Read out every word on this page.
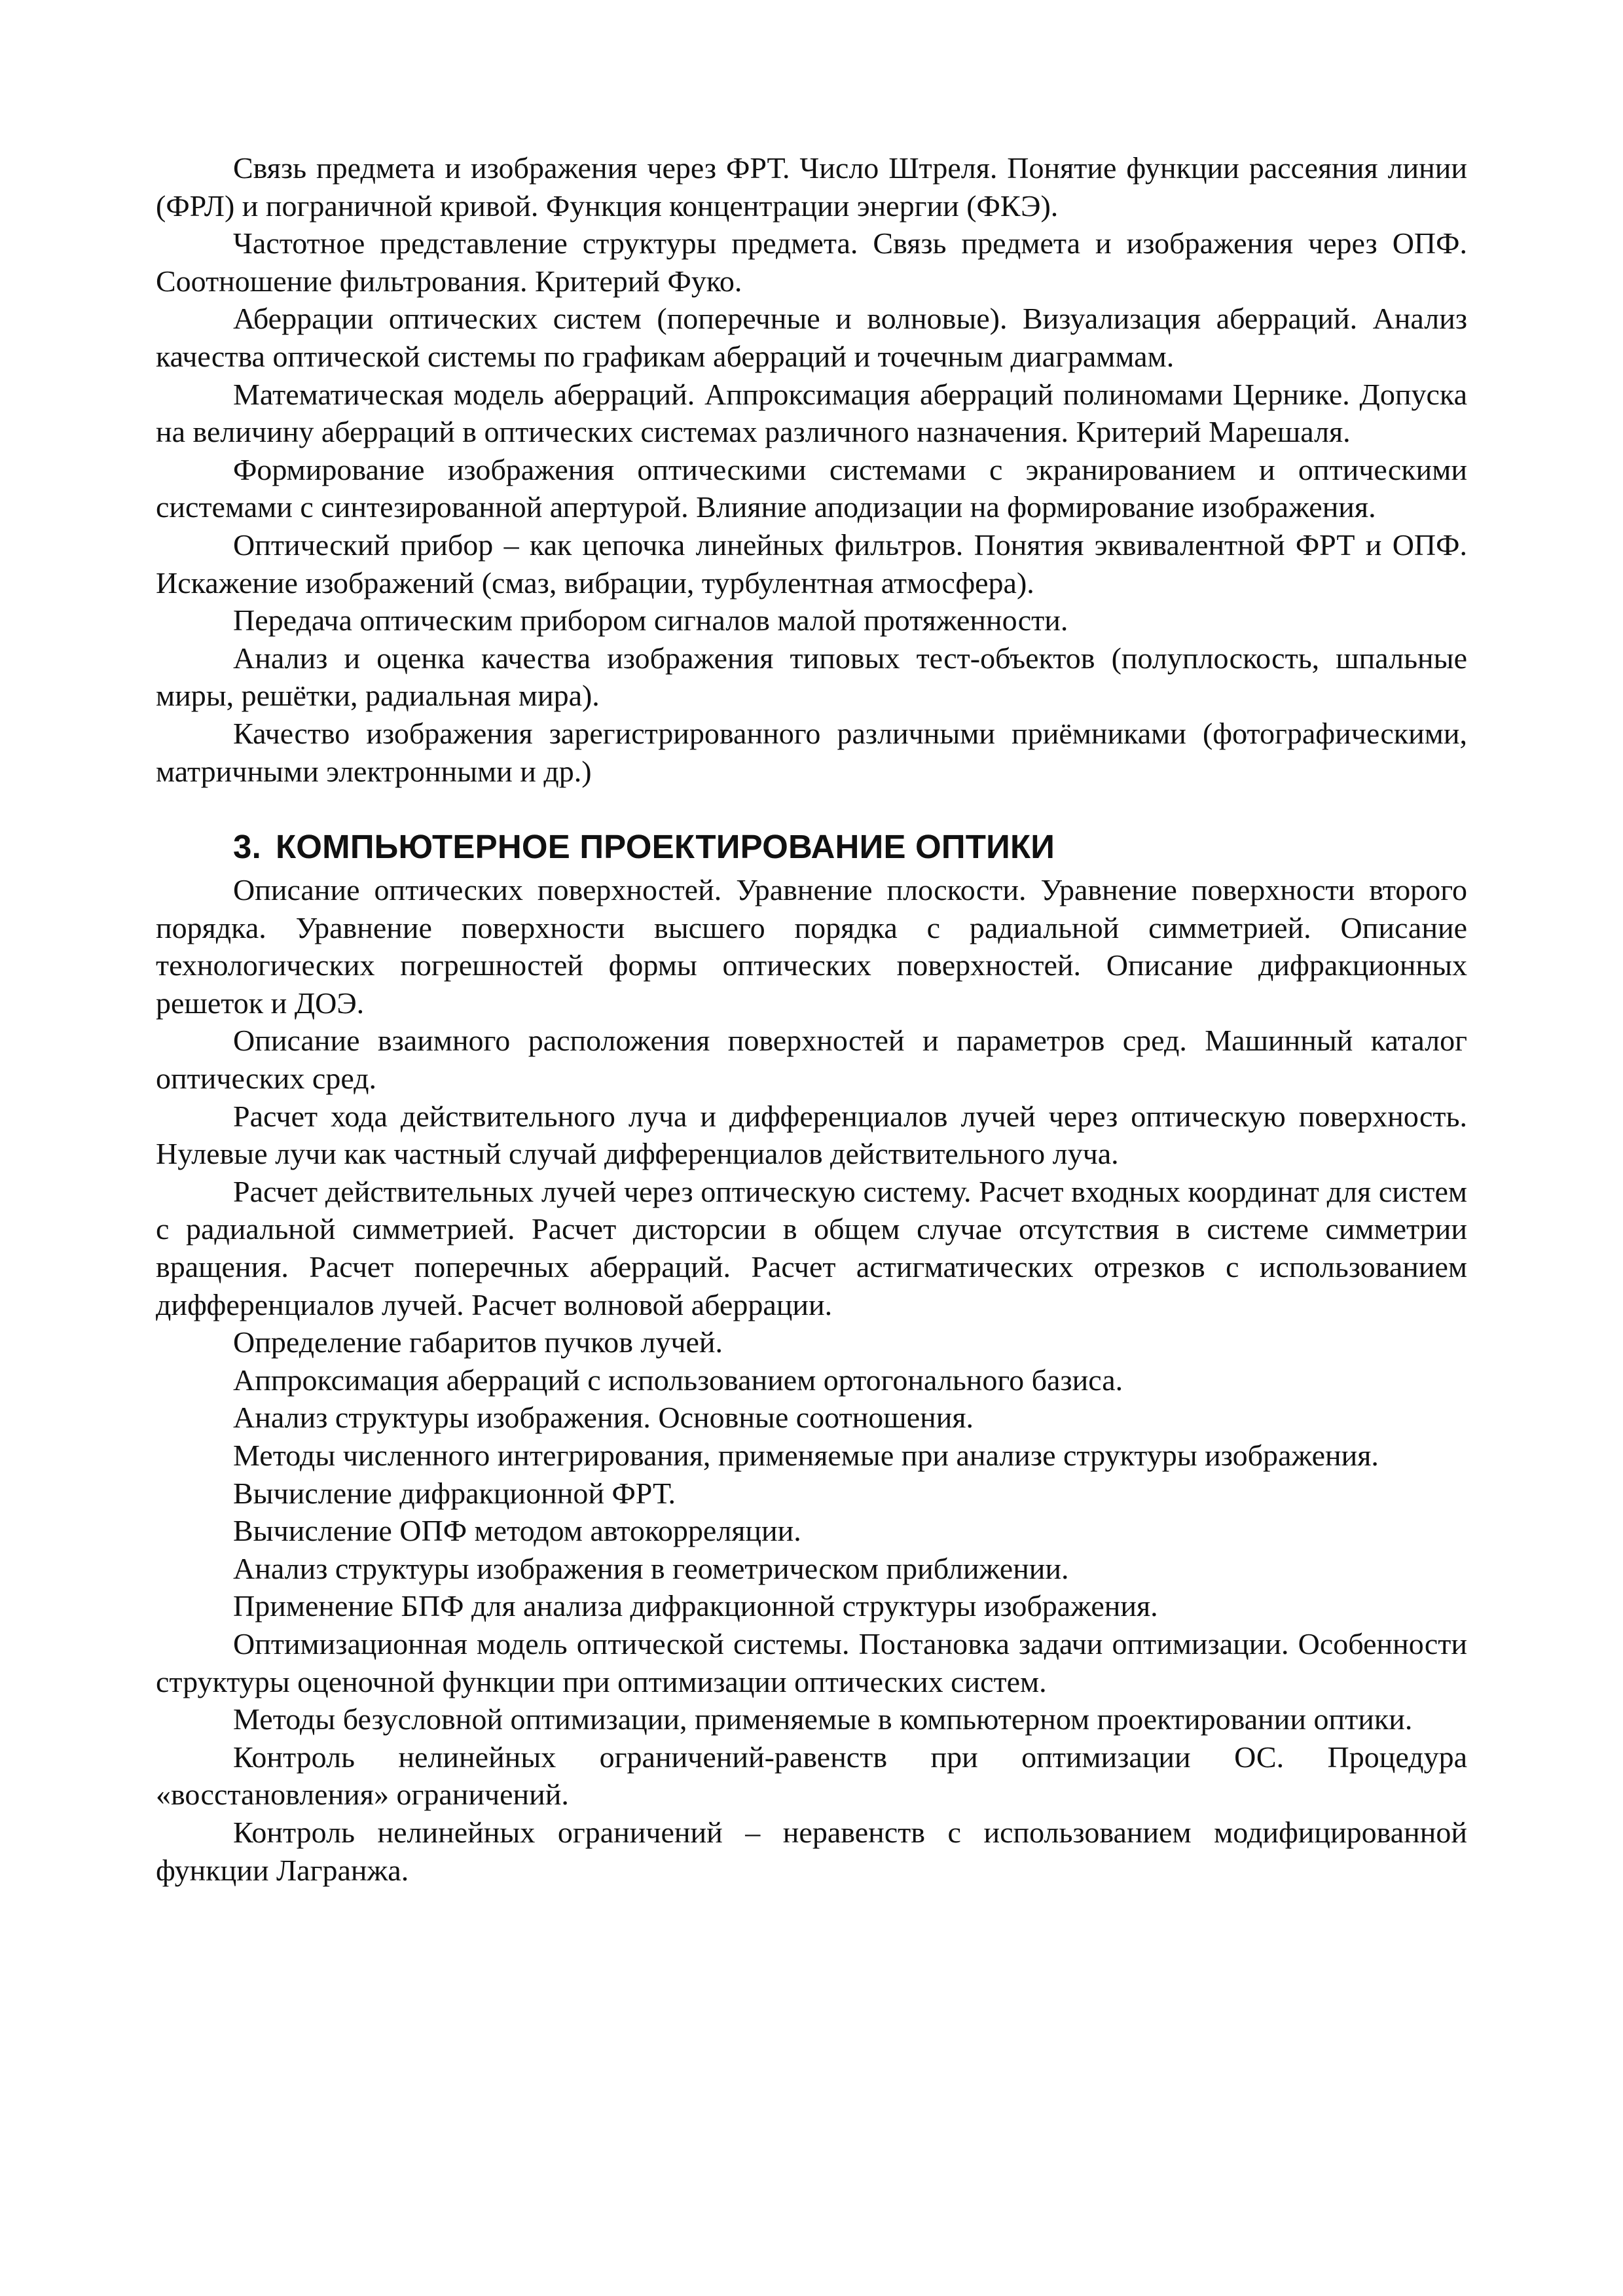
Связь предмета и изображения через ФРТ. Число Штреля. Понятие функции рассеяния линии (ФРЛ) и пограничной кривой. Функция концентрации энергии (ФКЭ).

Частотное представление структуры предмета. Связь предмета и изображения через ОПФ. Соотношение фильтрования. Критерий Фуко.

Аберрации оптических систем (поперечные и волновые). Визуализация аберраций. Анализ качества оптической системы по графикам аберраций и точечным диаграммам.

Математическая модель аберраций. Аппроксимация аберраций полиномами Цернике. Допуска на величину аберраций в оптических системах различного назначения. Критерий Марешаля.

Формирование изображения оптическими системами с экранированием и оптическими системами с синтезированной апертурой. Влияние аподизации на формирование изображения.

Оптический прибор – как цепочка линейных фильтров. Понятия эквивалентной ФРТ и ОПФ. Искажение изображений (смаз, вибрации, турбулентная атмосфера).

Передача оптическим прибором сигналов малой протяженности.

Анализ и оценка качества изображения типовых тест-объектов (полуплоскость, шпальные миры, решётки, радиальная мира).

Качество изображения зарегистрированного различными приёмниками (фотографическими, матричными электронными и др.)

3. КОМПЬЮТЕРНОЕ ПРОЕКТИРОВАНИЕ ОПТИКИ

Описание оптических поверхностей. Уравнение плоскости. Уравнение поверхности второго порядка. Уравнение поверхности высшего порядка с радиальной симметрией. Описание технологических погрешностей формы оптических поверхностей. Описание дифракционных решеток и ДОЭ.

Описание взаимного расположения поверхностей и параметров сред. Машинный каталог оптических сред.

Расчет хода действительного луча и дифференциалов лучей через оптическую поверхность. Нулевые лучи как частный случай дифференциалов действительного луча.

Расчет действительных лучей через оптическую систему. Расчет входных координат для систем с радиальной симметрией. Расчет дисторсии в общем случае отсутствия в системе симметрии вращения. Расчет поперечных аберраций. Расчет астигматических отрезков с использованием дифференциалов лучей. Расчет волновой аберрации.

Определение габаритов пучков лучей.

Аппроксимация аберраций с использованием ортогонального базиса.

Анализ структуры изображения. Основные соотношения.

Методы численного интегрирования, применяемые при анализе структуры изображения.

Вычисление дифракционной ФРТ.

Вычисление ОПФ методом автокорреляции.

Анализ структуры изображения в геометрическом приближении.

Применение БПФ для анализа дифракционной структуры изображения.

Оптимизационная модель оптической системы. Постановка задачи оптимизации. Особенности структуры оценочной функции при оптимизации оптических систем.

Методы безусловной оптимизации, применяемые в компьютерном проектировании оптики.

Контроль нелинейных ограничений-равенств при оптимизации ОС. Процедура «восстановления» ограничений.

Контроль нелинейных ограничений – неравенств с использованием модифицированной функции Лагранжа.
